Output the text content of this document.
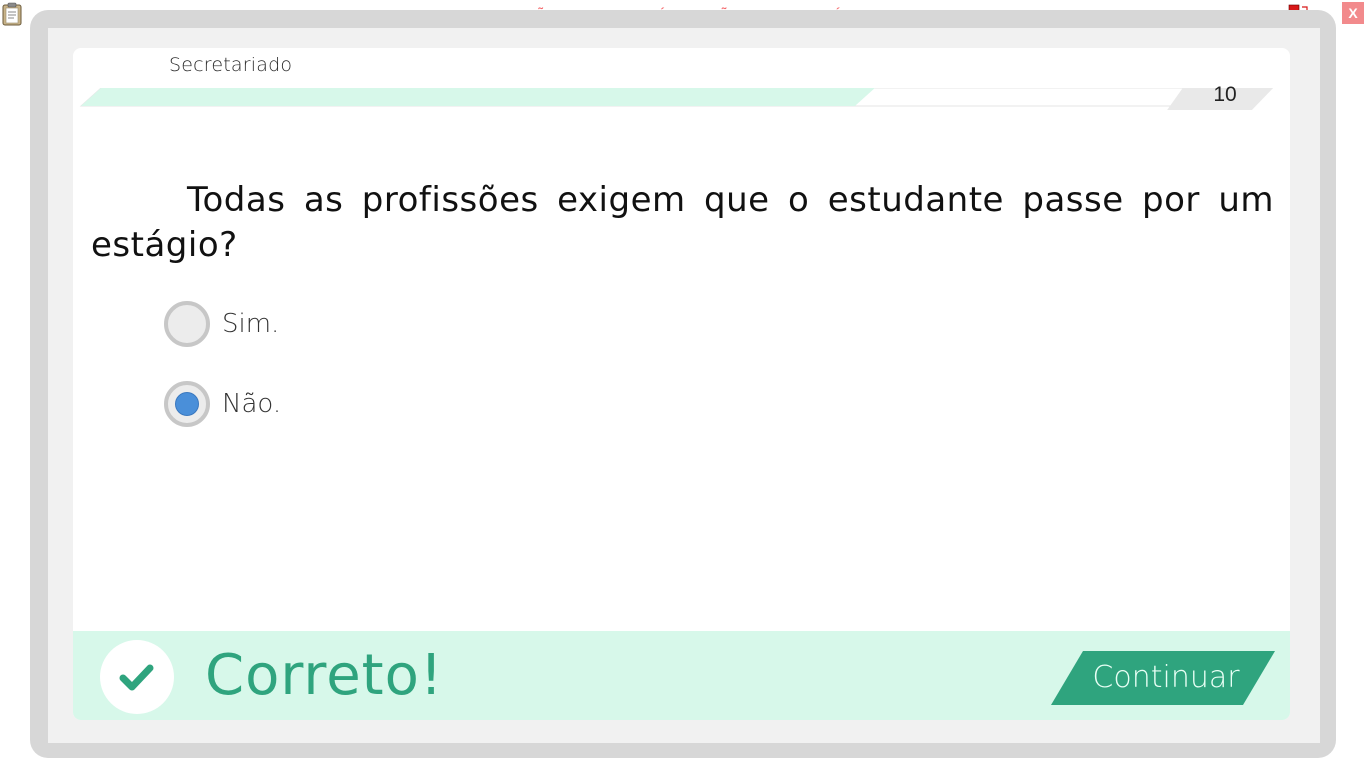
X
Secretariado
10
Todas as profissões exigem que o estudante passe por um estágio?
Sim.
Não.
Correto!	Continuar
